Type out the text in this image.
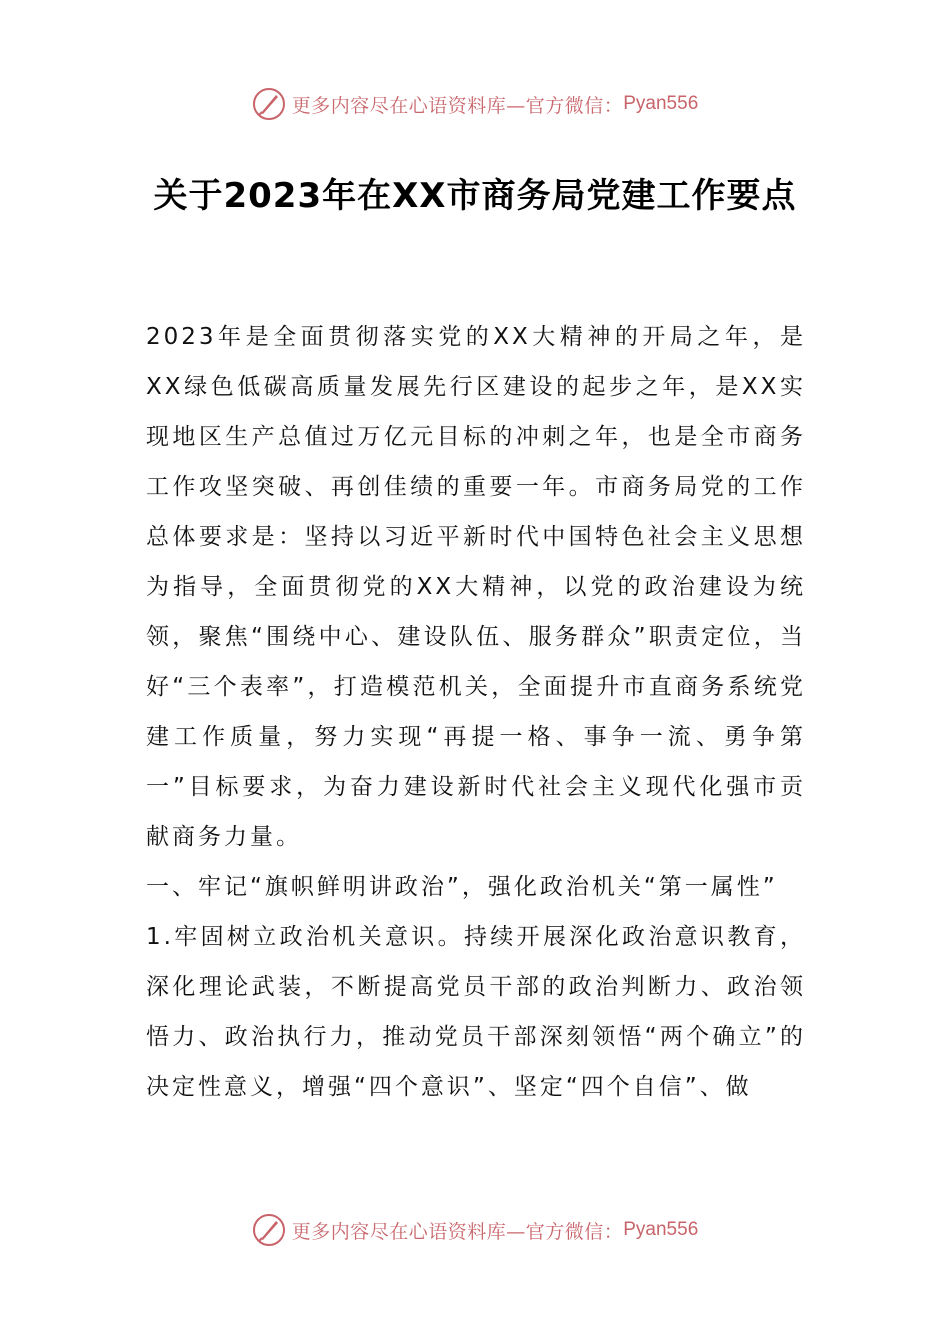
更多内容尽在心语资料库—官方微信： Pyan556
关于2023年在XX市商务局党建工作要点

2023年是全面贯彻落实党的XX大精神的开局之年，是XX绿色低碳高质量发展先行区建设的起步之年，是XX实现地区生产总值过万亿元目标的冲刺之年，也是全市商务工作攻坚突破、再创佳绩的重要一年。市商务局党的工作总体要求是：坚持以习近平新时代中国特色社会主义思想为指导，全面贯彻党的XX大精神，以党的政治建设为统领，聚焦“围绕中心、建设队伍、服务群众”职责定位，当好“三个表率”，打造模范机关，全面提升市直商务系统党建工作质量，努力实现“再提一格、事争一流、勇争第一”目标要求，为奋力建设新时代社会主义现代化强市贡献商务力量。

一、牢记“旗帜鲜明讲政治”，强化政治机关“第一属性”

1.牢固树立政治机关意识。持续开展深化政治意识教育，深化理论武装，不断提高党员干部的政治判断力、政治领悟力、政治执行力，推动党员干部深刻领悟“两个确立”的决定性意义，增强“四个意识”、坚定“四个自信”、做

更多内容尽在心语资料库—官方微信： Pyan556
